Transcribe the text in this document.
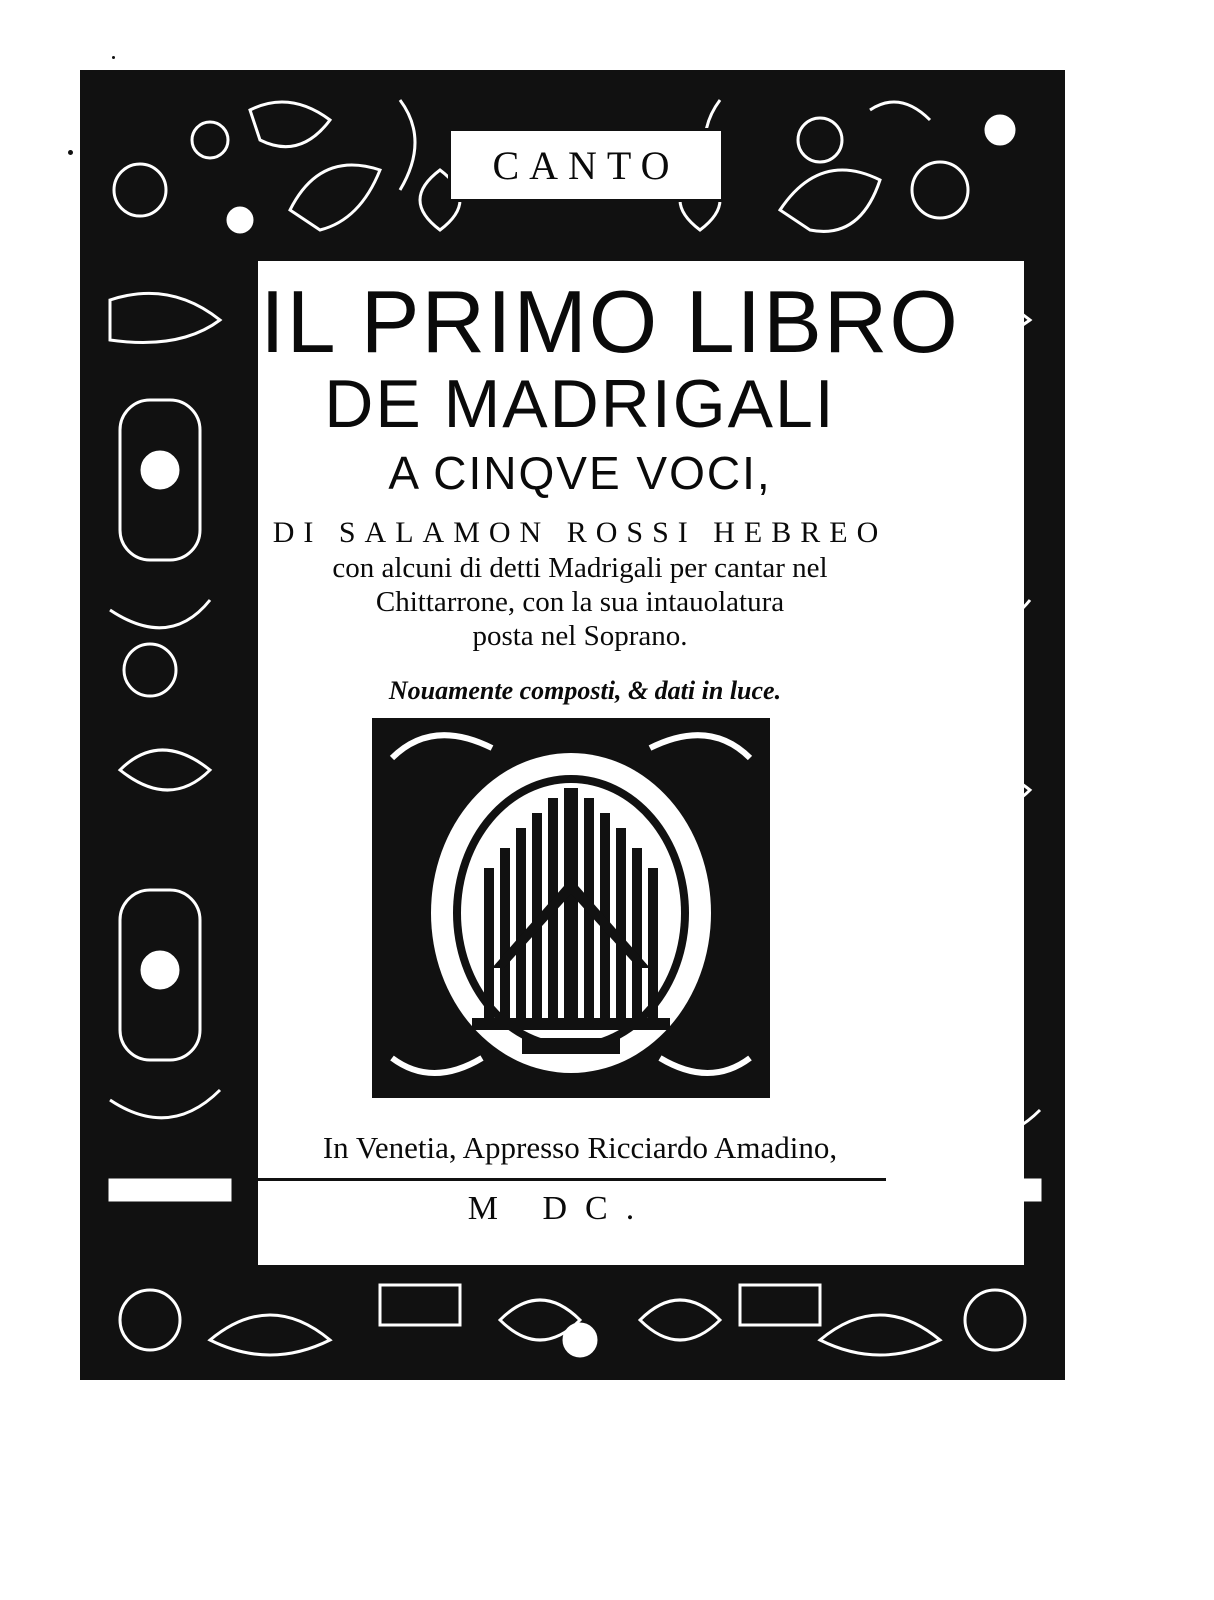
CANTO
IL PRIMO LIBRO
DE MADRIGALI
A CINQVE VOCI,
DI SALAMON ROSSI HEBREO
con alcuni di detti Madrigali per cantar nel
Chittarrone, con la sua intauolatura
posta nel Soprano.
Nouamente composti, & dati in luce.
In Venetia, Appresso Ricciardo Amadino,
M DC.
